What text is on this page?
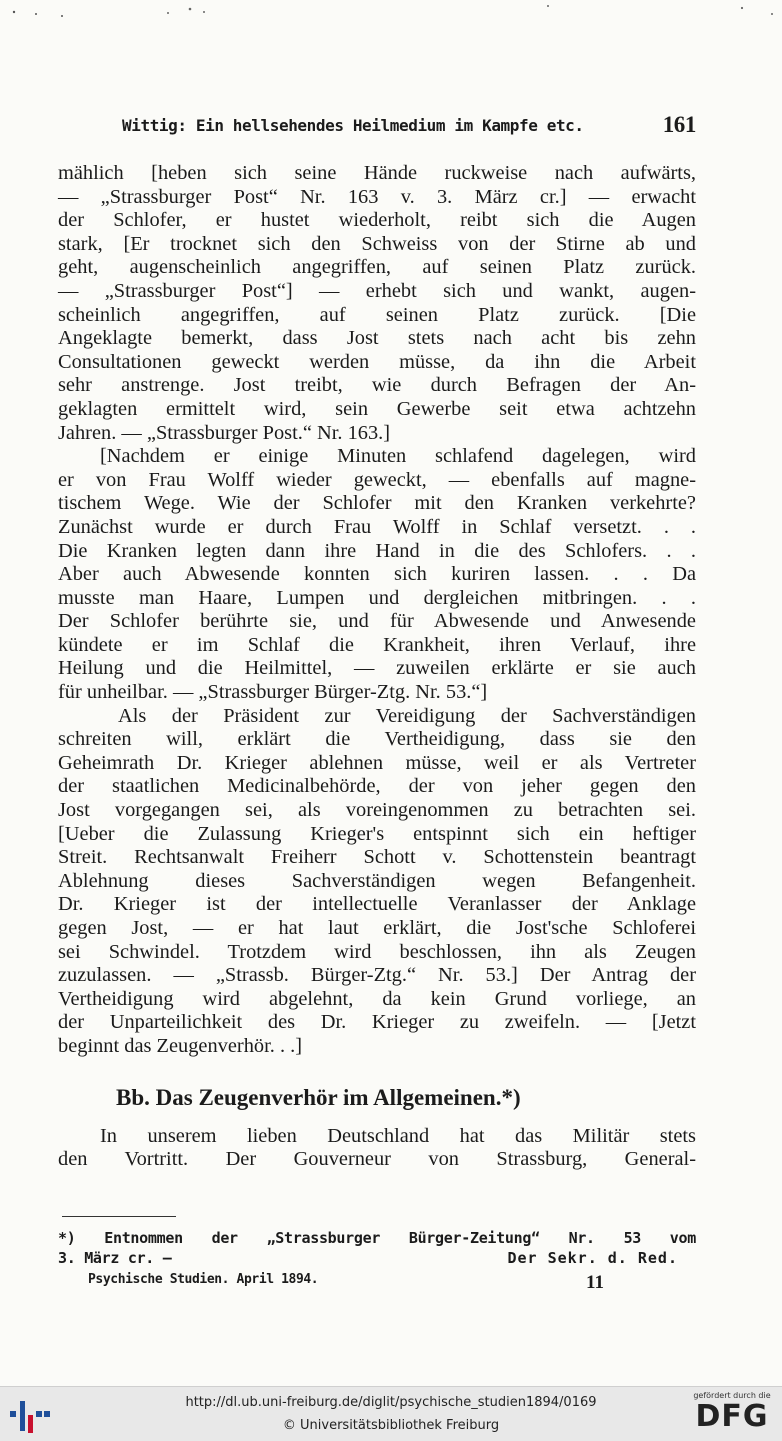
Wittig: Ein hellsehendes Heilmedium im Kampfe etc.	161
mählich [heben sich seine Hände ruckweise nach aufwärts,
— „Strassburger Post“ Nr. 163 v. 3. März cr.] — erwacht
der Schlofer, er hustet wiederholt, reibt sich die Augen
stark, [Er trocknet sich den Schweiss von der Stirne ab und
geht, augenscheinlich angegriffen, auf seinen Platz zurück.
— „Strassburger Post“] — erhebt sich und wankt, augen-
scheinlich angegriffen, auf seinen Platz zurück. [Die
Angeklagte bemerkt, dass Jost stets nach acht bis zehn
Consultationen geweckt werden müsse, da ihn die Arbeit
sehr anstrenge. Jost treibt, wie durch Befragen der An-
geklagten ermittelt wird, sein Gewerbe seit etwa achtzehn
Jahren. — „Strassburger Post.“ Nr. 163.]
[Nachdem er einige Minuten schlafend dagelegen, wird
er von Frau Wolff wieder geweckt, — ebenfalls auf magne-
tischem Wege. Wie der Schlofer mit den Kranken verkehrte?
Zunächst wurde er durch Frau Wolff in Schlaf versetzt. . .
Die Kranken legten dann ihre Hand in die des Schlofers. . .
Aber auch Abwesende konnten sich kuriren lassen. . . Da
musste man Haare, Lumpen und dergleichen mitbringen. . .
Der Schlofer berührte sie, und für Abwesende und Anwesende
kündete er im Schlaf die Krankheit, ihren Verlauf, ihre
Heilung und die Heilmittel, — zuweilen erklärte er sie auch
für unheilbar. — „Strassburger Bürger-Ztg. Nr. 53.“]
Als der Präsident zur Vereidigung der Sachverständigen
schreiten will, erklärt die Vertheidigung, dass sie den
Geheimrath Dr. Krieger ablehnen müsse, weil er als Vertreter
der staatlichen Medicinalbehörde, der von jeher gegen den
Jost vorgegangen sei, als voreingenommen zu betrachten sei.
[Ueber die Zulassung Krieger's entspinnt sich ein heftiger
Streit. Rechtsanwalt Freiherr Schott v. Schottenstein beantragt
Ablehnung dieses Sachverständigen wegen Befangenheit.
Dr. Krieger ist der intellectuelle Veranlasser der Anklage
gegen Jost, — er hat laut erklärt, die Jost'sche Schloferei
sei Schwindel. Trotzdem wird beschlossen, ihn als Zeugen
zuzulassen. — „Strassb. Bürger-Ztg.“ Nr. 53.] Der Antrag der
Vertheidigung wird abgelehnt, da kein Grund vorliege, an
der Unparteilichkeit des Dr. Krieger zu zweifeln. — [Jetzt
beginnt das Zeugenverhör. . .]
Bb. Das Zeugenverhör im Allgemeinen.*)
In unserem lieben Deutschland hat das Militär stets
den Vortritt. Der Gouverneur von Strassburg, General-
*) Entnommen der „Strassburger Bürger-Zeitung“ Nr. 53 vom
3. März cr. —	Der Sekr. d. Red.
Psychische Studien. April 1894.	11
http://dl.ub.uni-freiburg.de/diglit/psychische_studien1894/0169
© Universitätsbibliothek Freiburg
gefördert durch die
DFG
